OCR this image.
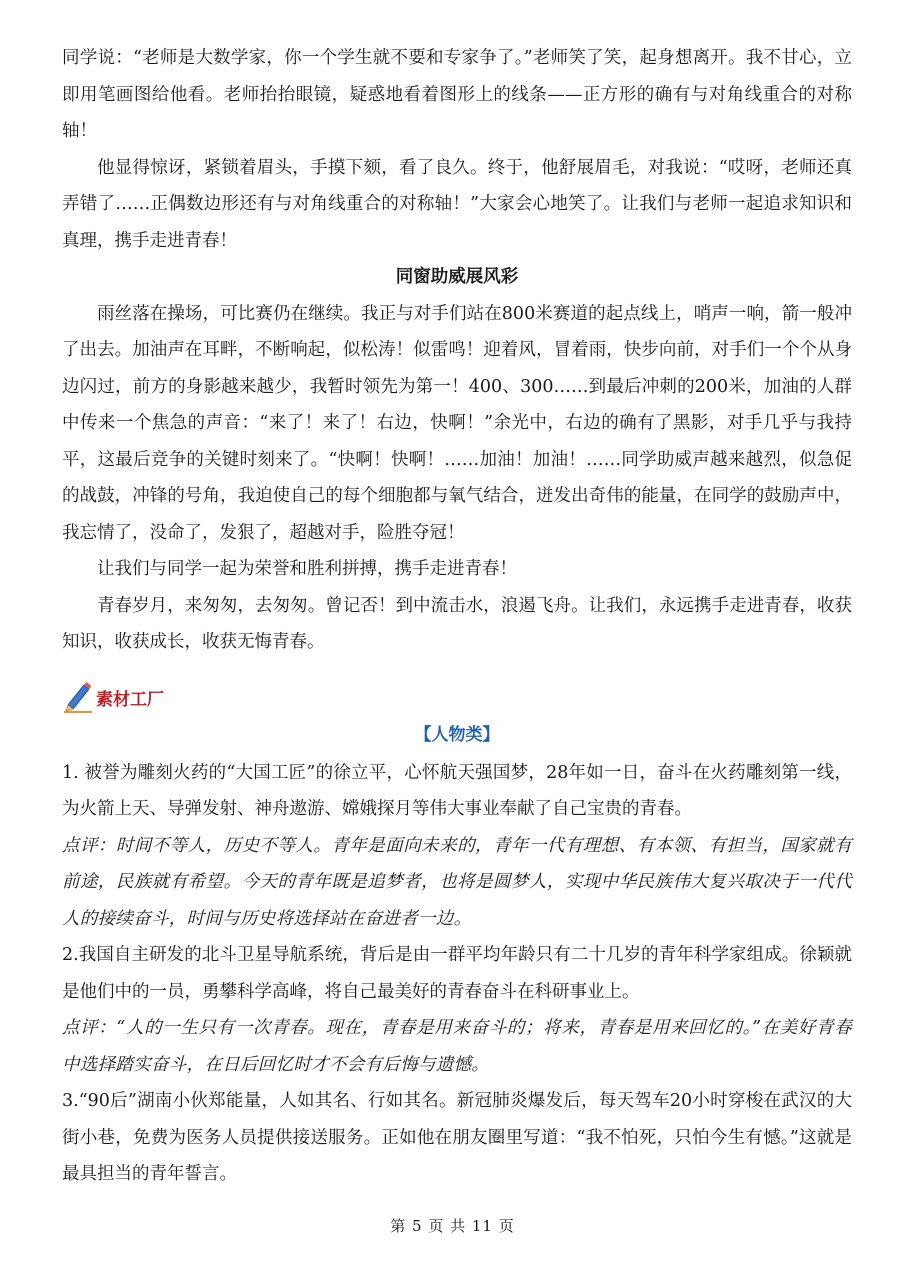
同学说：“老师是大数学家，你一个学生就不要和专家争了。”老师笑了笑，起身想离开。我不甘心，立即用笔画图给他看。老师抬抬眼镜，疑惑地看着图形上的线条——正方形的确有与对角线重合的对称轴！

他显得惊讶，紧锁着眉头，手摸下颏，看了良久。终于，他舒展眉毛，对我说：“哎呀，老师还真弄错了……正偶数边形还有与对角线重合的对称轴！”大家会心地笑了。让我们与老师一起追求知识和真理，携手走进青春！

同窗助威展风彩

雨丝落在操场，可比赛仍在继续。我正与对手们站在800米赛道的起点线上，哨声一响，箭一般冲了出去。加油声在耳畔，不断响起，似松涛！似雷鸣！迎着风，冒着雨，快步向前，对手们一个个从身边闪过，前方的身影越来越少，我暂时领先为第一！400、300……到最后冲刺的200米，加油的人群中传来一个焦急的声音：“来了！来了！右边，快啊！”余光中，右边的确有了黑影，对手几乎与我持平，这最后竞争的关键时刻来了。“快啊！快啊！……加油！加油！……同学助威声越来越烈，似急促的战鼓，冲锋的号角，我迫使自己的每个细胞都与氧气结合，迸发出奇伟的能量，在同学的鼓励声中，我忘情了，没命了，发狠了，超越对手，险胜夺冠！

让我们与同学一起为荣誉和胜利拼搏，携手走进青春！

青春岁月，来匆匆，去匆匆。曾记否！到中流击水，浪遏飞舟。让我们，永远携手走进青春，收获知识，收获成长，收获无悔青春。

素材工厂
【人物类】

1. 被誉为雕刻火药的“大国工匠”的徐立平，心怀航天强国梦，28年如一日，奋斗在火药雕刻第一线，为火箭上天、导弹发射、神舟遨游、嫦娥探月等伟大事业奉献了自己宝贵的青春。

点评：时间不等人，历史不等人。青年是面向未来的，青年一代有理想、有本领、有担当，国家就有前途，民族就有希望。今天的青年既是追梦者，也将是圆梦人，实现中华民族伟大复兴取决于一代代人的接续奋斗，时间与历史将选择站在奋进者一边。

2.我国自主研发的北斗卫星导航系统，背后是由一群平均年龄只有二十几岁的青年科学家组成。徐颖就是他们中的一员，勇攀科学高峰，将自己最美好的青春奋斗在科研事业上。

点评：“人的一生只有一次青春。现在，青春是用来奋斗的；将来，青春是用来回忆的。”在美好青春中选择踏实奋斗，在日后回忆时才不会有后悔与遗憾。

3.“90后”湖南小伙郑能量，人如其名、行如其名。新冠肺炎爆发后，每天驾车20小时穿梭在武汉的大街小巷，免费为医务人员提供接送服务。正如他在朋友圈里写道：“我不怕死，只怕今生有憾。”这就是最具担当的青年誓言。

第 5 页 共 11 页
